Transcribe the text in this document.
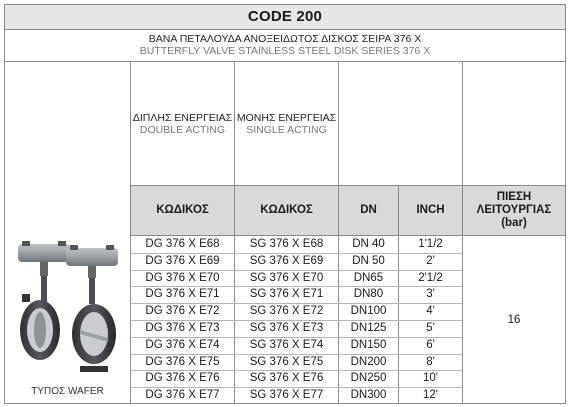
CODE 200
ΒΑΝΑ ΠΕΤΑΛΟΥΔΑ ΑΝΟΞΕΙΔΩΤΟΣ ΔΙΣΚΟΣ ΣΕΙΡΑ 376 X
BUTTERFLY VALVE STAINLESS STEEL DISK SERIES 376 X
ΔΙΠΛΗΣ ΕΝΕΡΓΕΙΑΣ
DOUBLE ACTING
ΜΟΝΗΣ ΕΝΕΡΓΕΙΑΣ
SINGLE ACTING
ΚΩΔΙΚΟΣ	ΚΩΔΙΚΟΣ	DN	INCH
ΠΙΕΣΗ
ΛΕΙΤΟΥΡΓΙΑΣ
(bar)
DG 376 X E68	SG 376 X E68	DN 40	1'1/2
DG 376 X E69	SG 376 X E69	DN 50	2'
DG 376 X E70	SG 376 X E70	DN65	2'1/2
DG 376 X E71	SG 376 X E71	DN80	3'
DG 376 X E72	SG 376 X E72	DN100	4'
DG 376 X E73	SG 376 X E73	DN125	5'
DG 376 X E74	SG 376 X E74	DN150	6'
DG 376 X E75	SG 376 X E75	DN200	8'
DG 376 X E76	SG 376 X E76	DN250	10'
DG 376 X E77	SG 376 X E77	DN300	12'
16
ΤΥΠΟΣ WAFER
